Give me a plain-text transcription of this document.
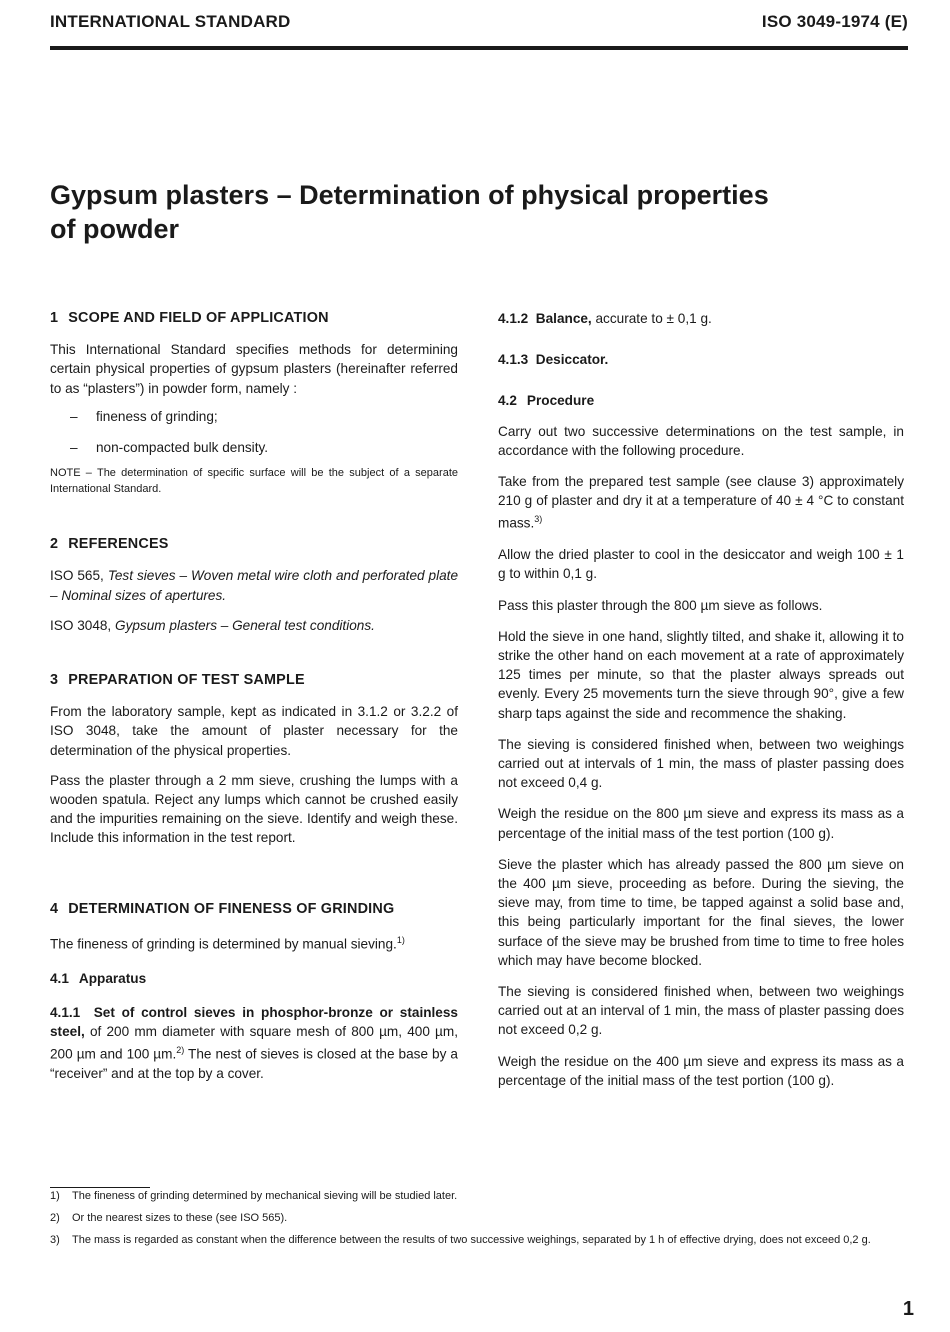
INTERNATIONAL STANDARD	ISO 3049-1974 (E)
Gypsum plasters – Determination of physical properties
of powder
1 SCOPE AND FIELD OF APPLICATION

This International Standard specifies methods for determining certain physical properties of gypsum plasters (hereinafter referred to as “plasters”) in powder form, namely :

– fineness of grinding;
– non-compacted bulk density.

NOTE – The determination of specific surface will be the subject of a separate International Standard.

2 REFERENCES

ISO 565, Test sieves – Woven metal wire cloth and perforated plate – Nominal sizes of apertures.

ISO 3048, Gypsum plasters – General test conditions.

3 PREPARATION OF TEST SAMPLE

From the laboratory sample, kept as indicated in 3.1.2 or 3.2.2 of ISO 3048, take the amount of plaster necessary for the determination of the physical properties.

Pass the plaster through a 2 mm sieve, crushing the lumps with a wooden spatula. Reject any lumps which cannot be crushed easily and the impurities remaining on the sieve. Identify and weigh these. Include this information in the test report.

4 DETERMINATION OF FINENESS OF GRINDING

The fineness of grinding is determined by manual sieving.$^{1)}$

4.1 Apparatus

4.1.1 Set of control sieves in phosphor-bronze or stainless steel, of 200 mm diameter with square mesh of 800 µm, 400 µm, 200 µm and 100 µm.$^{2)}$ The nest of sieves is closed at the base by a “receiver” and at the top by a cover.

4.1.2 Balance, accurate to ± 0,1 g.

4.1.3 Desiccator.

4.2 Procedure

Carry out two successive determinations on the test sample, in accordance with the following procedure.

Take from the prepared test sample (see clause 3) approximately 210 g of plaster and dry it at a temperature of 40 ± 4 °C to constant mass.$^{3)}$

Allow the dried plaster to cool in the desiccator and weigh 100 ± 1 g to within 0,1 g.

Pass this plaster through the 800 µm sieve as follows.

Hold the sieve in one hand, slightly tilted, and shake it, allowing it to strike the other hand on each movement at a rate of approximately 125 times per minute, so that the plaster always spreads out evenly. Every 25 movements turn the sieve through 90°, give a few sharp taps against the side and recommence the shaking.

The sieving is considered finished when, between two weighings carried out at intervals of 1 min, the mass of plaster passing does not exceed 0,4 g.

Weigh the residue on the 800 µm sieve and express its mass as a percentage of the initial mass of the test portion (100 g).

Sieve the plaster which has already passed the 800 µm sieve on the 400 µm sieve, proceeding as before. During the sieving, the sieve may, from time to time, be tapped against a solid base and, this being particularly important for the final sieves, the lower surface of the sieve may be brushed from time to time to free holes which may have become blocked.

The sieving is considered finished when, between two weighings carried out at an interval of 1 min, the mass of plaster passing does not exceed 0,2 g.

Weigh the residue on the 400 µm sieve and express its mass as a percentage of the initial mass of the test portion (100 g).

1) The fineness of grinding determined by mechanical sieving will be studied later.

2) Or the nearest sizes to these (see ISO 565).

3) The mass is regarded as constant when the difference between the results of two successive weighings, separated by 1 h of effective drying, does not exceed 0,2 g.

1
